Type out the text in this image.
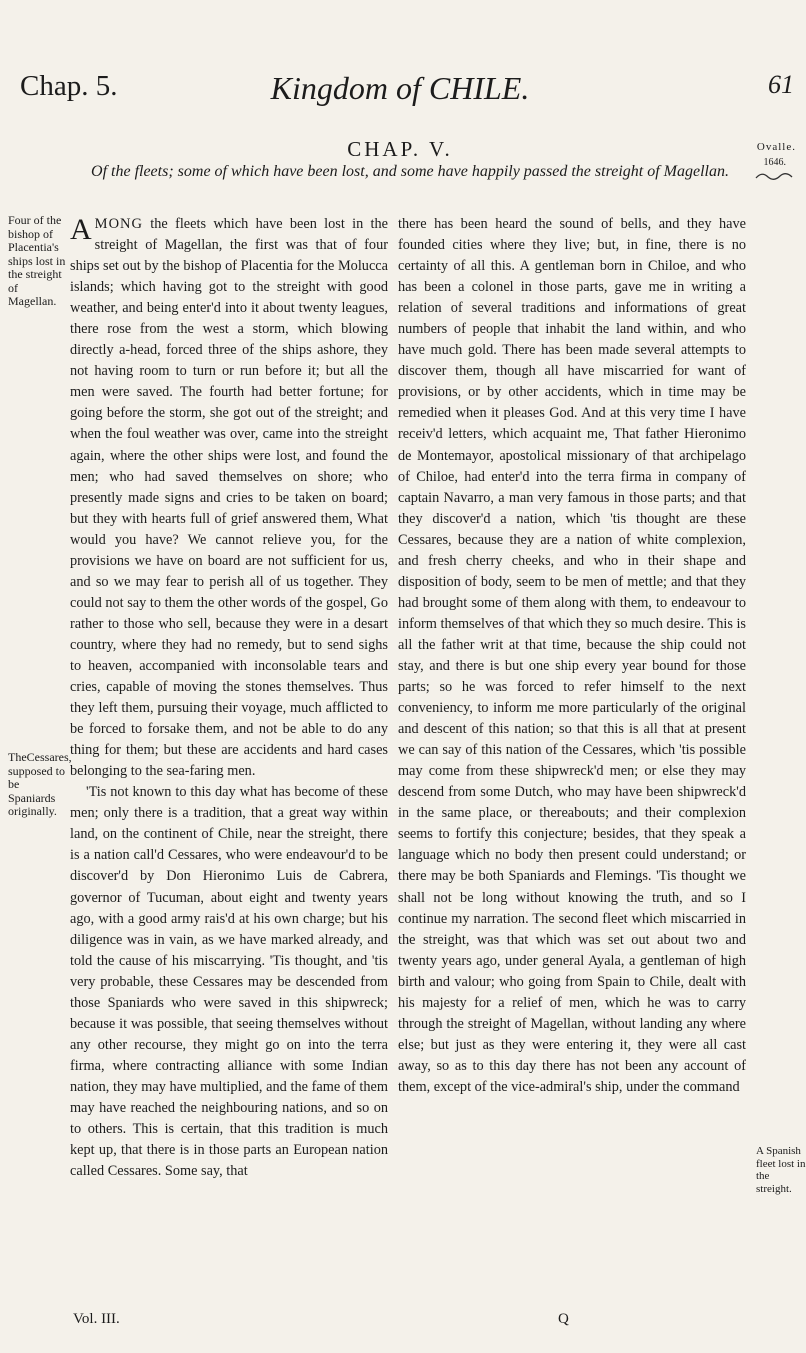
Chap. 5.	Kingdom of CHILE.	61
CHAP. V.	Ovalle.
1646.
Of the fleets; some of which have been lost, and some have happily passed the streight of Magellan.
Four of the bishop of Placentia's ships lost in the streight of Magellan.
TheCessares, supposed to be Spaniards originally.
A Spanish fleet lost in the streight.

AMONG the fleets which have been lost in the streight of Magellan, the first was that of four ships set out by the bishop of Placentia for the Molucca islands; which having got to the streight with good weather, and being enter'd into it about twenty leagues, there rose from the west a storm, which blowing directly a-head, forced three of the ships ashore, they not having room to turn or run before it; but all the men were saved. The fourth had better fortune; for going before the storm, she got out of the streight; and when the foul weather was over, came into the streight again, where the other ships were lost, and found the men; who had saved themselves on shore; who presently made signs and cries to be taken on board; but they with hearts full of grief answered them, What would you have? We cannot relieve you, for the provisions we have on board are not sufficient for us, and so we may fear to perish all of us together. They could not say to them the other words of the gospel, Go rather to those who sell, because they were in a desart country, where they had no remedy, but to send sighs to heaven, accompanied with inconsolable tears and cries, capable of moving the stones themselves. Thus they left them, pursuing their voyage, much afflicted to be forced to forsake them, and not be able to do any thing for them; but these are accidents and hard cases belonging to the sea-faring men.

'Tis not known to this day what has become of these men; only there is a tradition, that a great way within land, on the continent of Chile, near the streight, there is a nation call'd Cessares, who were endeavour'd to be discover'd by Don Hieronimo Luis de Cabrera, governor of Tucuman, about eight and twenty years ago, with a good army rais'd at his own charge; but his diligence was in vain, as we have marked already, and told the cause of his miscarrying. 'Tis thought, and 'tis very probable, these Cessares may be descended from those Spaniards who were saved in this shipwreck; because it was possible, that seeing themselves without any other recourse, they might go on into the terra firma, where contracting alliance with some Indian nation, they may have multiplied, and the fame of them may have reached the neighbouring nations, and so on to others. This is certain, that this tradition is much kept up, that there is in those parts an European nation called Cessares. Some say, that

there has been heard the sound of bells, and they have founded cities where they live; but, in fine, there is no certainty of all this. A gentleman born in Chiloe, and who has been a colonel in those parts, gave me in writing a relation of several traditions and informations of great numbers of people that inhabit the land within, and who have much gold. There has been made several attempts to discover them, though all have miscarried for want of provisions, or by other accidents, which in time may be remedied when it pleases God. And at this very time I have receiv'd letters, which acquaint me, That father Hieronimo de Montemayor, apostolical missionary of that archipelago of Chiloe, had enter'd into the terra firma in company of captain Navarro, a man very famous in those parts; and that they discover'd a nation, which 'tis thought are these Cessares, because they are a nation of white complexion, and fresh cherry cheeks, and who in their shape and disposition of body, seem to be men of mettle; and that they had brought some of them along with them, to endeavour to inform themselves of that which they so much desire. This is all the father writ at that time, because the ship could not stay, and there is but one ship every year bound for those parts; so he was forced to refer himself to the next conveniency, to inform me more particularly of the original and descent of this nation; so that this is all that at present we can say of this nation of the Cessares, which 'tis possible may come from these shipwreck'd men; or else they may descend from some Dutch, who may have been shipwreck'd in the same place, or thereabouts; and their complexion seems to fortify this conjecture; besides, that they speak a language which no body then present could understand; or there may be both Spaniards and Flemings. 'Tis thought we shall not be long without knowing the truth, and so I continue my narration. The second fleet which miscarried in the streight, was that which was set out about two and twenty years ago, under general Ayala, a gentleman of high birth and valour; who going from Spain to Chile, dealt with his majesty for a relief of men, which he was to carry through the streight of Magellan, without landing any where else; but just as they were entering it, they were all cast away, so as to this day there has not been any account of them, except of the vice-admiral's ship, under the command

Vol. III.	Q
